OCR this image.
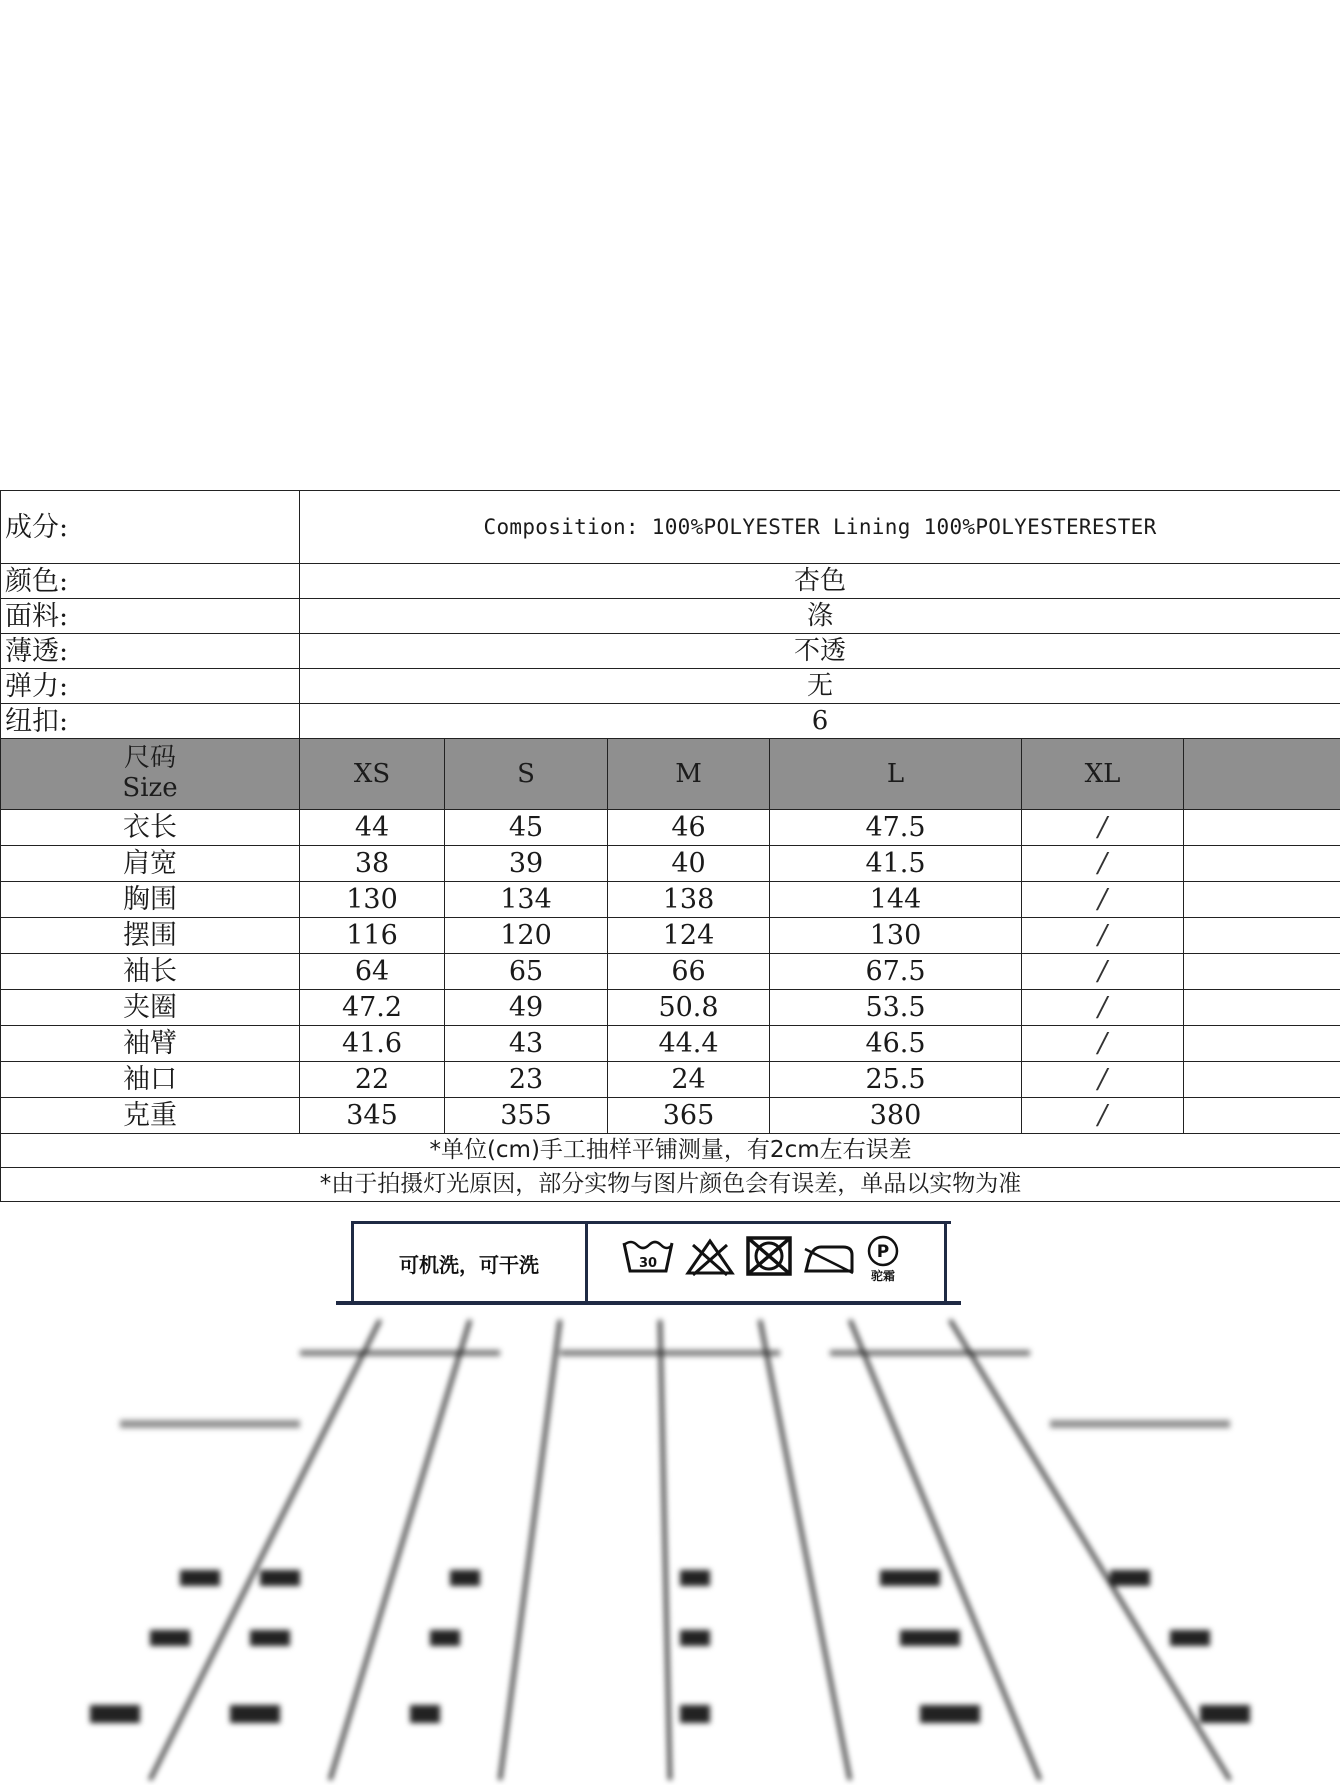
成分:	Composition: 100%POLYESTER Lining 100%POLYESTERESTER					
颜色:	杏色					
面料:	涤					
薄透:	不透					
弹力:	无					
纽扣:	6					

尺码
Size	XS	S	M	L	XL	
衣长	44	45	46	47.5	/	
肩宽	38	39	40	41.5	/	
胸围	130	134	138	144	/	
摆围	116	120	124	130	/	
袖长	64	65	66	67.5	/	
夹圈	47.2	49	50.8	53.5	/	
袖臂	41.6	43	44.4	46.5	/	
袖口	22	23	24	25.5	/	
克重	345	355	365	380	/	
*单位(cm)手工抽样平铺测量，有2cm左右误差						
*由于拍摄灯光原因，部分实物与图片颜色会有误差，单品以实物为准						
可机洗，可干洗	30
P
驼霜
